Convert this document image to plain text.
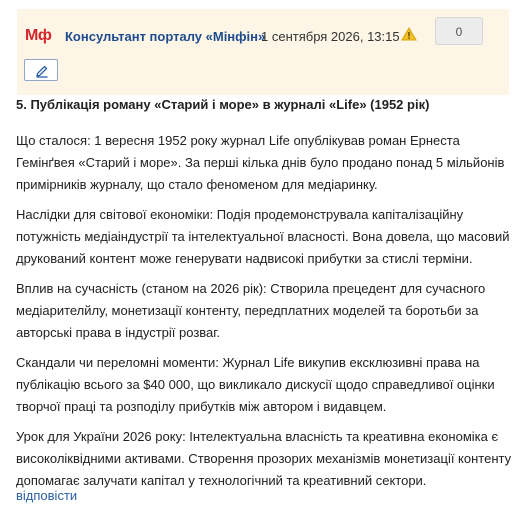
Мф Консультант порталу «Мінфін»
1 сентября 2026, 13:15	0
5. Публікація роману «Старий і море» в журналі «Life» (1952 рік)

Що сталося: 1 вересня 1952 року журнал Life опублікував роман Ернеста Гемінґвея «Старий і море». За перші кілька днів було продано понад 5 мільйонів примірників журналу, що стало феноменом для медіаринку.

Наслідки для світової економіки: Подія продемонструвала капіталізаційну потужність медіаіндустрії та інтелектуальної власності. Вона довела, що масовий друкований контент може генерувати надвисокі прибутки за стислі терміни.

Вплив на сучасність (станом на 2026 рік): Створила прецедент для сучасного медіарителйлу, монетизації контенту, передплатних моделей та боротьби за авторські права в індустрії розваг.

Скандали чи переломні моменти: Журнал Life викупив ексклюзивні права на публікацію всього за $40 000, що викликало дискусії щодо справедливої оцінки творчої праці та розподілу прибутків між автором і видавцем.

Урок для України 2026 року: Інтелектуальна власність та креативна економіка є високоліквідними активами. Створення прозорих механізмів монетизації контенту допомагає залучати капітал у технологічний та креативний сектори.

відповісти
